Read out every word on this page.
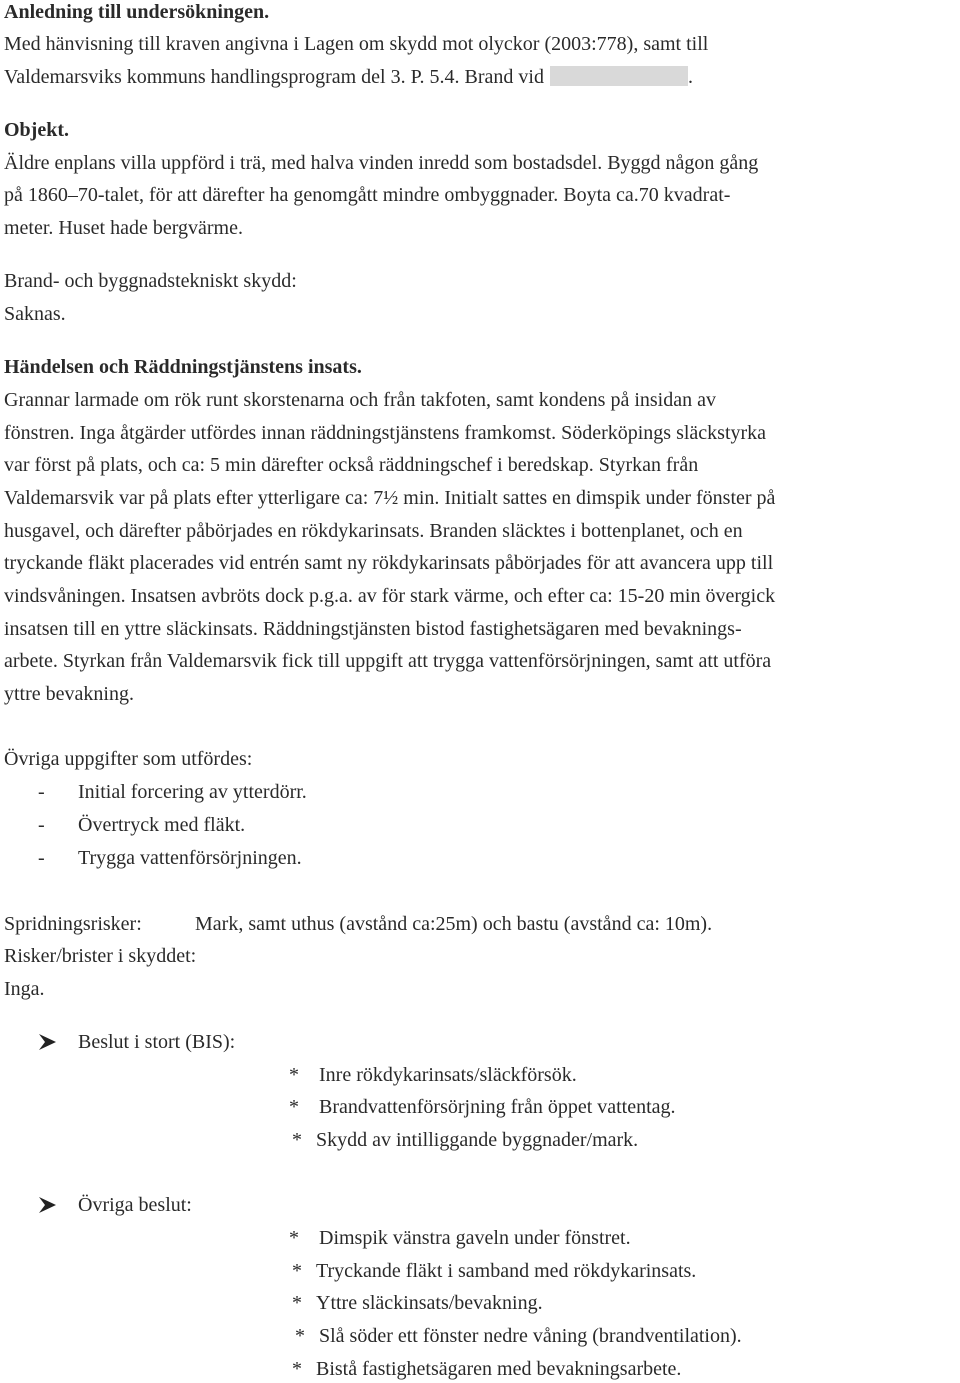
Anledning till undersökningen.
Med hänvisning till kraven angivna i Lagen om skydd mot olyckor (2003:778), samt till
Valdemarsviks kommuns handlingsprogram del 3. P. 5.4. Brand vid	.
Objekt.
Äldre enplans villa uppförd i trä, med halva vinden inredd som bostadsdel. Byggd någon gång
på 1860–70-talet, för att därefter ha genomgått mindre ombyggnader. Boyta ca.70 kvadrat-
meter. Huset hade bergvärme.
Brand- och byggnadstekniskt skydd:
Saknas.
Händelsen och Räddningstjänstens insats.
Grannar larmade om rök runt skorstenarna och från takfoten, samt kondens på insidan av
fönstren. Inga åtgärder utfördes innan räddningstjänstens framkomst. Söderköpings släckstyrka
var först på plats, och ca: 5 min därefter också räddningschef i beredskap. Styrkan från
Valdemarsvik var på plats efter ytterligare ca: 7½ min. Initialt sattes en dimspik under fönster på
husgavel, och därefter påbörjades en rökdykarinsats. Branden släcktes i bottenplanet, och en
tryckande fläkt placerades vid entrén samt ny rökdykarinsats påbörjades för att avancera upp till
vindsvåningen. Insatsen avbröts dock p.g.a. av för stark värme, och efter ca: 15-20 min övergick
insatsen till en yttre släckinsats. Räddningstjänsten bistod fastighetsägaren med bevaknings-
arbete. Styrkan från Valdemarsvik fick till uppgift att trygga vattenförsörjningen, samt att utföra
yttre bevakning.
Övriga uppgifter som utfördes:
- Initial forcering av ytterdörr.
- Övertryck med fläkt.
- Trygga vattenförsörjningen.
Spridningsrisker:	Mark, samt uthus (avstånd ca:25m) och bastu (avstånd ca: 10m).
Risker/brister i skyddet:
Inga.
Beslut i stort (BIS):
* Inre rökdykarinsats/släckförsök.
* Brandvattenförsörjning från öppet vattentag.
* Skydd av intilliggande byggnader/mark.
Övriga beslut:
* Dimspik vänstra gaveln under fönstret.
* Tryckande fläkt i samband med rökdykarinsats.
* Yttre släckinsats/bevakning.
* Slå söder ett fönster nedre våning (brandventilation).
* Bistå fastighetsägaren med bevakningsarbete.
